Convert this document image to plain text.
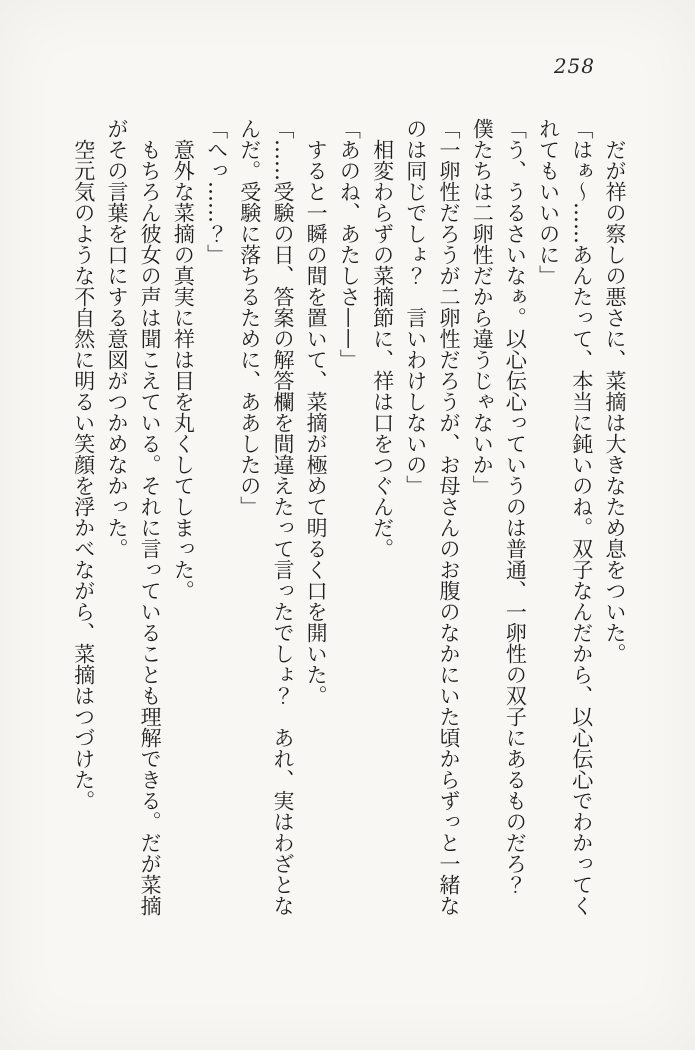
258
　だが祥の察しの悪さに、菜摘は大きなため息をついた。
「はぁ〜……あんたって、本当に鈍いのね。双子なんだから、以心伝心でわかってく
れてもいいのに」
「う、うるさいなぁ。以心伝心っていうのは普通、一卵性の双子にあるものだろ？
僕たちは二卵性だから違うじゃないか」
「一卵性だろうが二卵性だろうが、お母さんのお腹のなかにいた頃からずっと一緒な
のは同じでしょ？　言いわけしないの」
　相変わらずの菜摘節に、祥は口をつぐんだ。
「あのね、あたしさ——」
　すると一瞬の間を置いて、菜摘が極めて明るく口を開いた。
「……受験の日、答案の解答欄を間違えたって言ったでしょ？　あれ、実はわざとな
んだ。受験に落ちるために、ああしたの」
「へっ……？」
　意外な菜摘の真実に祥は目を丸くしてしまった。
　もちろん彼女の声は聞こえている。それに言っていることも理解できる。だが菜摘
がその言葉を口にする意図がつかめなかった。
　空元気のような不自然に明るい笑顔を浮かべながら、菜摘はつづけた。
